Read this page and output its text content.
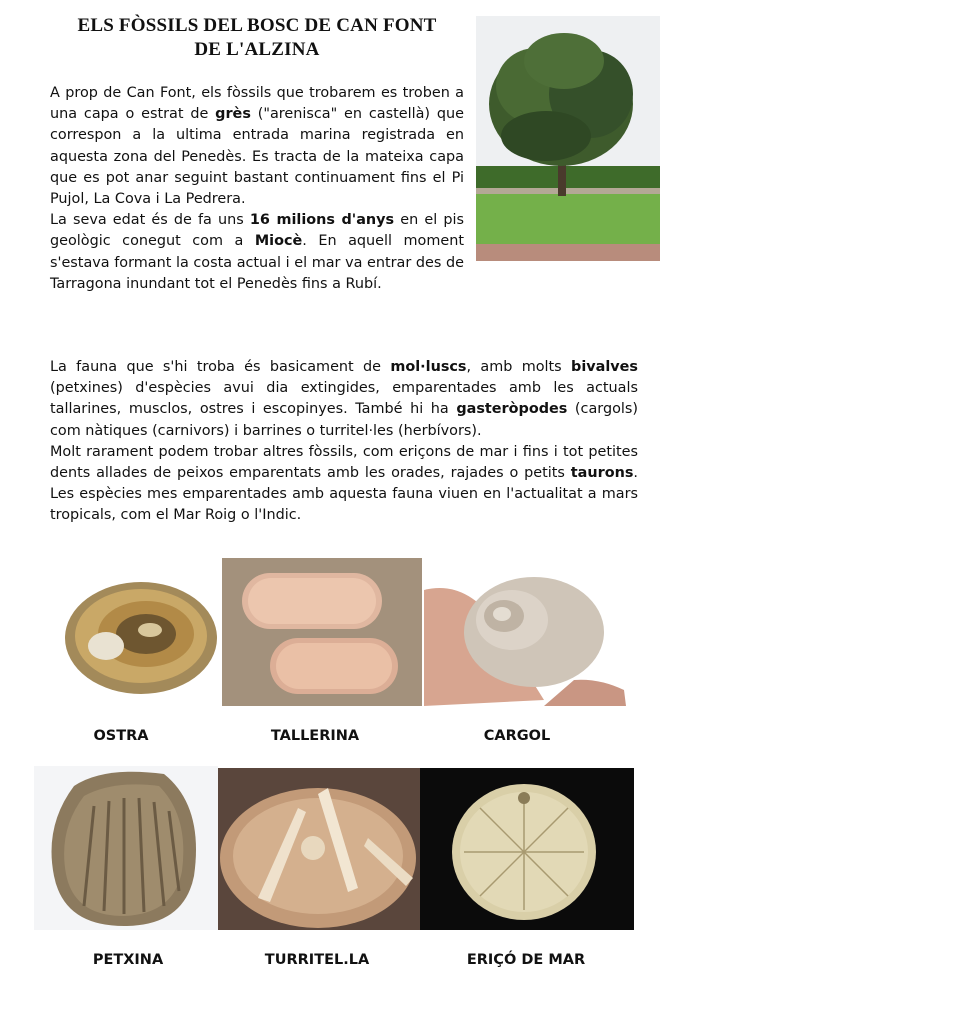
ELS FÒSSILS DEL BOSC DE CAN FONT
DE L'ALZINA

A prop de Can Font, els fòssils que trobarem es troben a una capa o estrat de grès ("arenisca" en castellà) que correspon a la ultima entrada marina registrada en aquesta zona del Penedès. Es tracta de la mateixa capa que es pot anar seguint bastant continuament fins el Pi Pujol, La Cova i La Pedrera.
La seva edat és de fa uns 16 milions d'anys en el pis geològic conegut com a Miocè. En aquell moment s'estava formant la costa actual i el mar va entrar des de Tarragona inundant tot el Penedès fins a Rubí.

La fauna que s'hi troba és basicament de mol·luscs, amb molts bivalves (petxines) d'espècies avui dia extingides, emparentades amb les actuals tallarines, musclos, ostres i escopinyes. També hi ha gasteròpodes (cargols) com nàtiques (carnivors) i barrines o turritel·les (herbívors).
Molt rarament podem trobar altres fòssils, com eriçons de mar i fins i tot petites dents allades de peixos emparentats amb les orades, rajades o petits taurons. Les espècies mes emparentades amb aquesta fauna viuen en l'actualitat a mars tropicals, com el Mar Roig o l'Indic.

OSTRA	TALLERINA	CARGOL
PETXINA	TURRITEL.LA	ERIÇÓ DE MAR
